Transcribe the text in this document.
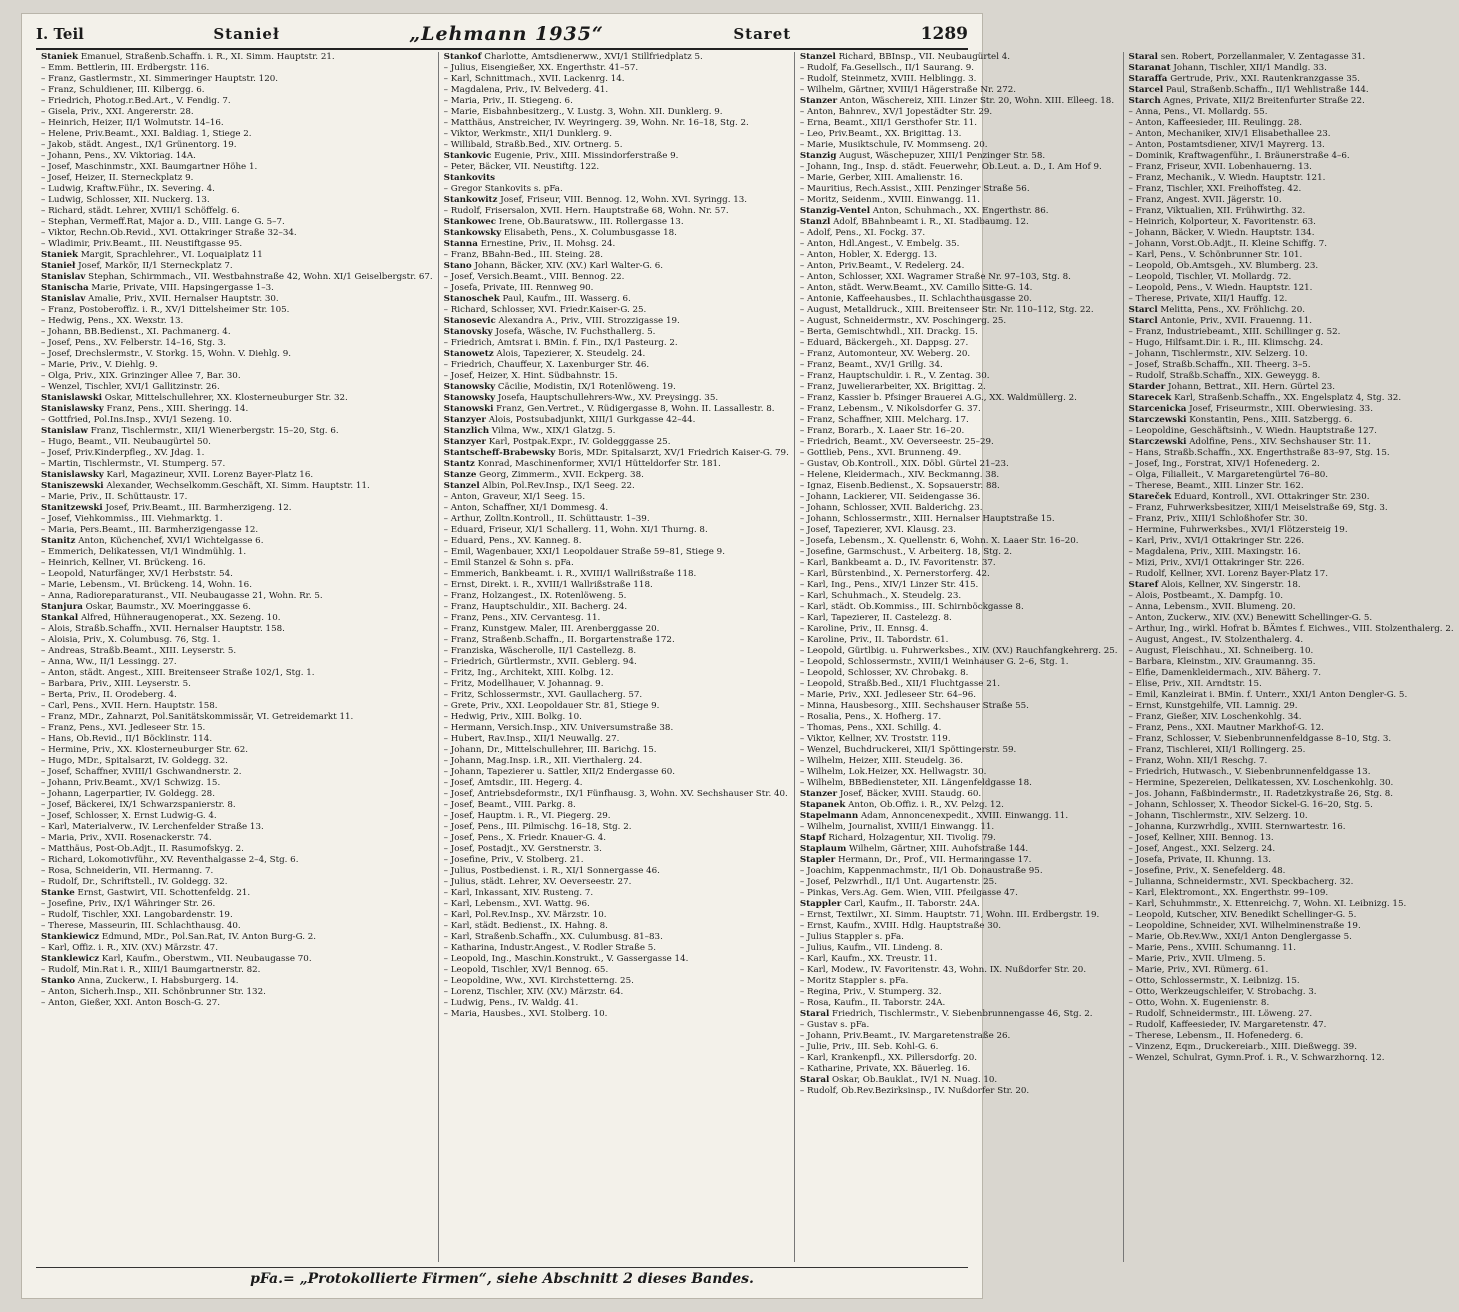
I. Teil	Stanieł	„Lehmann 1935“	Staret	1289
Staniek Emanuel, Straßenb.Schaffn. i. R., XI. Simm. Hauptstr. 21.
– Emm. Bettlerin, III. Erdbergstr. 116.
– Franz, Gastlermstr., XI. Simmeringer Hauptstr. 120.
– Franz, Schuldiener, III. Kilbergg. 6.
– Friedrich, Photog.r.Bed.Art., V. Fendig. 7.
– Gisela, Priv., XXI. Angererstr. 28.
– Heinrich, Heizer, II/1 Wolmutstr. 14–16.
– Helene, Priv.Beamt., XXI. Baldiag. 1, Stiege 2.
– Jakob, städt. Angest., IX/1 Grünentorg. 19.
– Johann, Pens., XV. Viktoriag. 14A.
– Josef, Maschinmstr., XXI. Baumgartner Höhe 1.
– Josef, Heizer, II. Sterneckplatz 9.
– Ludwig, Kraftw.Führ., IX. Severing. 4.
– Ludwig, Schlosser, XII. Nuckerg. 13.
– Richard, städt. Lehrer, XVIII/1 Schöffelg. 6.
– Stephan, Vermeff.Rat, Major a. D., VIII. Lange G. 5–7.
– Viktor, Rechn.Ob.Revid., XVI. Ottakringer Straße 32–34.
– Wladimir, Priv.Beamt., III. Neustiftgasse 95.
Staniek Margit, Sprachlehrer., VI. Loquaiplatz 11
Stanieł Josef, Markör, II/1 Sterneckplatz 7.
Stanislav Stephan, Schirmmach., VII. Westbahnstraße 42, Wohn. XI/1 Geiselbergstr. 67.
Stanischa Marie, Private, VIII. Hapsingergasse 1–3.
Stanislav Amalie, Priv., XVII. Hernalser Hauptstr. 30.
– Franz, Postoberoffiz. i. R., XV/1 Dittelsheimer Str. 105.
– Hedwig, Pens., XX. Wexstr. 13.
– Johann, BB.Bedienst., XI. Pachmanerg. 4.
– Josef, Pens., XV. Felberstr. 14–16, Stg. 3.
– Josef, Drechslermstr., V. Storkg. 15, Wohn. V. Diehlg. 9.
– Marie, Priv., V. Diehlg. 9.
– Olga, Priv., XIX. Grinzinger Allee 7, Bar. 30.
– Wenzel, Tischler, XVI/1 Gallitzinstr. 26.
Stanislawski Oskar, Mittelschullehrer, XX. Klosterneuburger Str. 32.
Stanislawsky Franz, Pens., XIII. Sheringg. 14.
– Gottfried, Pol.Ins.Insp., XVI/1 Sezeng. 10.
Stanislaw Franz, Tischlermstr., XII/1 Wienerbergstr. 15–20, Stg. 6.
– Hugo, Beamt., VII. Neubaugürtel 50.
– Josef, Priv.Kinderpfleg., XV. Jdag. 1.
– Martin, Tischlermstr., VI. Stumperg. 57.
Stanislawsky Karl, Magazineur, XVII. Lorenz Bayer-Platz 16.
Staniszewski Alexander, Wechselkomm.Geschäft, XI. Simm. Hauptstr. 11.
– Marie, Priv., II. Schüttaustr. 17.
Stanitzewski Josef, Priv.Beamt., III. Barmherzigeng. 12.
– Josef, Viehkommiss., III. Viehmarktg. 1.
– Maria, Pers.Beamt., III. Barmherzigengasse 12.
Stanitz Anton, Küchenchef, XVI/1 Wichtelgasse 6.
– Emmerich, Delikatessen, VI/1 Windmühlg. 1.
– Heinrich, Kellner, VI. Brückeng. 16.
– Leopold, Naturfänger, XV/1 Herbststr. 54.
– Marie, Lebensm., VI. Brückeng. 14, Wohn. 16.
– Anna, Radioreparaturanst., VII. Neubaugasse 21, Wohn. Rr. 5.
Stanjura Oskar, Baumstr., XV. Moeringgasse 6.
Stankal Alfred, Hühneraugenoperat., XX. Sezeng. 10.
– Alois, Straßb.Schaffn., XVII. Hernalser Hauptstr. 158.
– Aloisia, Priv., X. Columbusg. 76, Stg. 1.
– Andreas, Straßb.Beamt., XIII. Leyserstr. 5.
– Anna, Ww., II/1 Lessingg. 27.
– Anton, städt. Angest., XIII. Breitenseer Straße 102/1, Stg. 1.
– Barbara, Priv., XIII. Leyserstr. 5.
– Berta, Priv., II. Orodeberg. 4.
– Carl, Pens., XVII. Hern. Hauptstr. 158.
– Franz, MDr., Zahnarzt, Pol.Sanitätskommissär, VI. Getreidemarkt 11.
– Franz, Pens., XVI. Jedleseer Str. 15.
– Hans, Ob.Revid., II/1 Böcklinstr. 114.
– Hermine, Priv., XX. Klosterneuburger Str. 62.
– Hugo, MDr., Spitalsarzt, IV. Goldegg. 32.
– Josef, Schaffner, XVIII/1 Gschwandnerstr. 2.
– Johann, Priv.Beamt., XV/1 Schwizg. 15.
– Johann, Lagerpartier, IV. Goldegg. 28.
– Josef, Bäckerei, IX/1 Schwarzspanierstr. 8.
– Josef, Schlosser, X. Ernst Ludwig-G. 4.
– Karl, Materialverw., IV. Lerchenfelder Straße 13.
– Maria, Priv., XVII. Rosenackerstr. 74.
– Matthäus, Post-Ob.Adjt., II. Rasumofskyg. 2.
– Richard, Lokomotivführ., XV. Reventhalgasse 2–4, Stg. 6.
– Rosa, Schneiderin, VII. Hermanng. 7.
– Rudolf, Dr., Schriftstell., IV. Goldegg. 32.
Stanke Ernst, Gastwirt, VII. Schottenfeldg. 21.
– Josefine, Priv., IX/1 Währinger Str. 26.
– Rudolf, Tischler, XXI. Langobardenstr. 19.
– Therese, Masseurin, III. Schlachthausg. 40.
Stankiewicz Edmund, MDr., Pol.San.Rat, IV. Anton Burg-G. 2.
– Karl, Offiz. i. R., XIV. (XV.) Märzstr. 47.
Stanklewicz Karl, Kaufm., Oberstwm., VII. Neubaugasse 70.
– Rudolf, Min.Rat i. R., XIII/1 Baumgartnerstr. 82.
Stanko Anna, Zuckerw., I. Habsburgerg. 14.
– Anton, Sicherh.Insp., XII. Schönbrunner Str. 132.
– Anton, Gießer, XXI. Anton Bosch-G. 27.
Stankof Charlotte, Amtsdienerww., XVI/1 Stillfriedplatz 5.
– Julius, Eisengießer, XX. Engerthstr. 41–57.
– Karl, Schnittmach., XVII. Lackenrg. 14.
– Magdalena, Priv., IV. Belvederg. 41.
– Maria, Priv., II. Stiegeng. 6.
– Marie, Eisbahnbesitzerg., V. Lustg. 3, Wohn. XII. Dunklerg. 9.
– Matthäus, Anstreicher, IV. Weyringerg. 39, Wohn. Nr. 16–18, Stg. 2.
– Viktor, Werkmstr., XII/1 Dunklerg. 9.
– Willibald, Straßb.Bed., XIV. Ortnerg. 5.
Stankovic Eugenie, Priv., XIII. Missindorferstraße 9.
– Peter, Bäcker, VII. Neustiftg. 122.
Stankovits
– Gregor Stankovits s. pFa.
Stankowitz Josef, Friseur, VIII. Bennog. 12, Wohn. XVI. Syringg. 13.
– Rudolf, Frisersalon, XVII. Hern. Hauptstraße 68, Wohn. Nr. 57.
Stankowec Irene, Ob.Bauratsww., III. Rollergasse 13.
Stankowsky Elisabeth, Pens., X. Columbusgasse 18.
Stanna Ernestine, Priv., II. Mohsg. 24.
– Franz, BBahn-Bed., III. Steing. 28.
Stano Johann, Bäcker, XIV. (XV.) Karl Walter-G. 6.
– Josef, Versich.Beamt., VIII. Bennog. 22.
– Josefa, Private, III. Rennweg 90.
Stanoschek Paul, Kaufm., III. Wasserg. 6.
– Richard, Schlosser, XVI. Friedr.Kaiser-G. 25.
Stanosevic Alexandra A., Priv., VIII. Strozzigasse 19.
Stanovsky Josefa, Wäsche, IV. Fuchsthallerg. 5.
– Friedrich, Amtsrat i. BMin. f. Fin., IX/1 Pasteurg. 2.
Stanowetz Alois, Tapezierer, X. Steudelg. 24.
– Friedrich, Chauffeur, X. Laxenburger Str. 46.
– Josef, Heizer, X. Hint. Südbahnstr. 15.
Stanowsky Cäcilie, Modistin, IX/1 Rotenlöweng. 19.
Stanowsky Josefa, Hauptschullehrers-Ww., XV. Preysingg. 35.
Stanowski Franz, Gen.Vertret., V. Rüdigergasse 8, Wohn. II. Lassallestr. 8.
Stanzyer Alois, Postsubadjunkt, XIII/1 Gurkgasse 42–44.
Stanzlich Vilma, Ww., XIX/1 Glatzg. 5.
Stanzyer Karl, Postpak.Expr., IV. Goldegggasse 25.
Stantscheff-Brabewsky Boris, MDr. Spitalsarzt, XV/1 Friedrich Kaiser-G. 79.
Stantz Konrad, Maschinenformer, XVI/1 Hütteldorfer Str. 181.
Stanze Georg, Zimmerm., XVII. Eckperg. 38.
Stanzel Albin, Pol.Rev.Insp., IX/1 Seeg. 22.
– Anton, Graveur, XI/1 Seeg. 15.
– Anton, Schaffner, XI/1 Dommesg. 4.
– Arthur, Zolltn.Kontroll., II. Schüttaustr. 1–39.
– Eduard, Friseur, XI/1 Schallerg. 11, Wohn. XI/1 Thurng. 8.
– Eduard, Pens., XV. Kanneg. 8.
– Emil, Wagenbauer, XXI/1 Leopoldauer Straße 59–81, Stiege 9.
– Emil Stanzel & Sohn s. pFa.
– Emmerich, Bankbeamt. i. R., XVIII/1 Wallrißstraße 118.
– Ernst, Direkt. i. R., XVIII/1 Wallrißstraße 118.
– Franz, Holzangest., IX. Rotenlöweng. 5.
– Franz, Hauptschuldir., XII. Bacherg. 24.
– Franz, Pens., XIV. Cervantesg. 11.
– Franz, Kunstgew. Maler, III. Arenberggasse 20.
– Franz, Straßenb.Schaffn., II. Borgartenstraße 172.
– Franziska, Wäscherolle, II/1 Castellezg. 8.
– Friedrich, Gürtlermstr., XVII. Geblerg. 94.
– Fritz, Ing., Architekt, XIII. Kolbg. 12.
– Fritz, Modellhauer, V. Johannag. 9.
– Fritz, Schlossermstr., XVI. Gaullacherg. 57.
– Grete, Priv., XXI. Leopoldauer Str. 81, Stiege 9.
– Hedwig, Priv., XIII. Bolkg. 10.
– Hermann, Versich.Insp., XIV. Universumstraße 38.
– Hubert, Rav.Insp., XII/1 Neuwallg. 27.
– Johann, Dr., Mittelschullehrer, III. Barichg. 15.
– Johann, Mag.Insp. i.R., XII. Vierthalerg. 24.
– Johann, Tapezierer u. Sattler, XII/2 Endergasse 60.
– Josef, Amtsdir., III. Hegerg. 4.
– Josef, Antriebsdeformstr., IX/1 Fünfhausg. 3, Wohn. XV. Sechshauser Str. 40.
– Josef, Beamt., VIII. Parkg. 8.
– Josef, Hauptm. i. R., VI. Piegerg. 29.
– Josef, Pens., III. Pilmischg. 16–18, Stg. 2.
– Josef, Pens., X. Friedr. Knauer-G. 4.
– Josef, Postadjt., XV. Gerstnerstr. 3.
– Josefine, Priv., V. Stolberg. 21.
– Julius, Postbedienst. i. R., XI/1 Sonnergasse 46.
– Julius, städt. Lehrer, XV. Oeverseestr. 27.
– Karl, Inkassant, XIV. Rusteng. 7.
– Karl, Lebensm., XVI. Wattg. 96.
– Karl, Pol.Rev.Insp., XV. Märzstr. 10.
– Karl, städt. Bedienst., IX. Hahng. 8.
– Karl, Straßenb.Schaffn., XX. Culumbusg. 81–83.
– Katharina, Industr.Angest., V. Rodler Straße 5.
– Leopold, Ing., Maschin.Konstrukt., V. Gassergasse 14.
– Leopold, Tischler, XV/1 Bennog. 65.
– Leopoldine, Ww., XVI. Kirchstetterng. 25.
– Lorenz, Tischler, XIV. (XV.) Märzstr. 64.
– Ludwig, Pens., IV. Waldg. 41.
– Maria, Hausbes., XVI. Stolberg. 10.
Stanzel Richard, BBInsp., VII. Neubaugürtel 4.
– Rudolf, Fa.Gesellsch., II/1 Saurang. 9.
– Rudolf, Steinmetz, XVIII. Helblingg. 3.
– Wilhelm, Gärtner, XVIII/1 Hägerstraße Nr. 272.
Stanzer Anton, Wäschereiz, XIII. Linzer Str. 20, Wohn. XIII. Elleeg. 18.
– Anton, Bahnrev., XV/1 Jopestädter Str. 29.
– Erna, Beamt., XII/1 Gersthofer Str. 11.
– Leo, Priv.Beamt., XX. Brigittag. 13.
– Marie, Musiktschule, IV. Mommseng. 20.
Stanzig August, Wäschepuzer, XIII/1 Penzinger Str. 58.
– Johann, Ing., Insp. d. städt. Feuerwehr, Ob.Leut. a. D., I. Am Hof 9.
– Marie, Gerber, XIII. Amalienstr. 16.
– Mauritius, Rech.Assist., XIII. Penzinger Straße 56.
– Moritz, Seidenm., XVIII. Einwangg. 11.
Stanzig-Ventel Anton, Schuhmach., XX. Engerthstr. 86.
Stanzl Adolf, BBahnbeamt i. R., XI. Stadbaumg. 12.
– Adolf, Pens., XI. Fockg. 37.
– Anton, Hdl.Angest., V. Embelg. 35.
– Anton, Hobler, X. Edergg. 13.
– Anton, Priv.Beamt., V. Redelerg. 24.
– Anton, Schlosser, XXI. Wagramer Straße Nr. 97–103, Stg. 8.
– Anton, städt. Werw.Beamt., XV. Camillo Sitte-G. 14.
– Antonie, Kaffeehausbes., II. Schlachthausgasse 20.
– August, Metalldruck., XIII. Breitenseer Str. Nr. 110–112, Stg. 22.
– August, Schneidermstr., XV. Poschingerg. 25.
– Berta, Gemischtwhdl., XII. Drackg. 15.
– Eduard, Bäckergeh., XI. Dappsg. 27.
– Franz, Automonteur, XV. Weberg. 20.
– Franz, Beamt., XV/1 Grillg. 34.
– Franz, Hauptschuldir. i. R., V. Zentag. 30.
– Franz, Juwelierarbeiter, XX. Brigittag. 2.
– Franz, Kassier b. Pfsinger Brauerei A.G., XX. Waldmüllerg. 2.
– Franz, Lebensm., V. Nikolsdorfer G. 37.
– Franz, Schaffner, XIII. Melcharg. 17.
– Franz, Borarb., X. Laaer Str. 16–20.
– Friedrich, Beamt., XV. Oeverseestr. 25–29.
– Gottlieb, Pens., XVI. Brunneng. 49.
– Gustav, Ob.Kontroll., XIX. Döbl. Gürtel 21–23.
– Helene, Kleidermach., XIV. Beckmanng. 38.
– Ignaz, Eisenb.Bedienst., X. Sopsauerstr. 88.
– Johann, Lackierer, VII. Seidengasse 36.
– Johann, Schlosser, XVII. Balderichg. 23.
– Johann, Schlossermstr., XIII. Hernalser Hauptstraße 15.
– Josef, Tapezierer, XVI. Klausg. 23.
– Josefa, Lebensm., X. Quellenstr. 6, Wohn. X. Laaer Str. 16–20.
– Josefine, Garmschust., V. Arbeiterg. 18, Stg. 2.
– Karl, Bankbeamt a. D., IV. Favoritenstr. 37.
– Karl, Bürstenbind., X. Pernerstorferg. 42.
– Karl, Ing., Pens., XIV/1 Linzer Str. 415.
– Karl, Schuhmach., X. Steudelg. 23.
– Karl, städt. Ob.Kommiss., III. Schirnböckgasse 8.
– Karl, Tapezierer, II. Castelezg. 8.
– Karoline, Priv., II. Ennsg. 4.
– Karoline, Priv., II. Tabordstr. 61.
– Leopold, Gürtlbig. u. Fuhrwerksbes., XIV. (XV.) Rauchfangkehrerg. 25.
– Leopold, Schlossermstr., XVIII/1 Weinhauser G. 2–6, Stg. 1.
– Leopold, Schlosser, XV. Chrobakg. 8.
– Leopold, Straßb.Bed., XII/1 Fluchtgasse 21.
– Marie, Priv., XXI. Jedleseer Str. 64–96.
– Minna, Hausbesorg., XIII. Sechshauser Straße 55.
– Rosalia, Pens., X. Hofherg. 17.
– Thomas, Pens., XXI. Schillg. 4.
– Viktor, Kellner, XV. Troststr. 119.
– Wenzel, Buchdruckerei, XII/1 Spöttingerstr. 59.
– Wilhelm, Heizer, XIII. Steudelg. 36.
– Wilhelm, Lok.Heizer, XX. Hellwagstr. 30.
– Wilhelm, BBBediensteter, XII. Längenfeldgasse 18.
Stanzer Josef, Bäcker, XVIII. Staudg. 60.
Stapanek Anton, Ob.Offiz. i. R., XV. Pelzg. 12.
Stapelmann Adam, Annoncenexpedit., XVIII. Einwangg. 11.
– Wilhelm, Journalist, XVIII/1 Einwangg. 11.
Stapf Richard, Holzagentur, XII. Tivolig. 79.
Staplaum Wilhelm, Gärtner, XIII. Auhofstraße 144.
Stapler Hermann, Dr., Prof., VII. Hermanngasse 17.
– Joachim, Kappenmachmstr., II/1 Ob. Donaustraße 95.
– Josef, Pelzwrhdl., II/1 Unt. Augartenstr. 25.
– Pinkas, Vers.Ag. Gem. Wien, VIII. Pfeilgasse 47.
Stappler Carl, Kaufm., II. Taborstr. 24A.
– Ernst, Textilwr., XI. Simm. Hauptstr. 71, Wohn. III. Erdbergstr. 19.
– Ernst, Kaufm., XVIII. Hdlg. Hauptstraße 30.
– Julius Stappler s. pFa.
– Julius, Kaufm., VII. Lindeng. 8.
– Karl, Kaufm., XX. Treustr. 11.
– Karl, Modew., IV. Favoritenstr. 43, Wohn. IX. Nußdorfer Str. 20.
– Moritz Stappler s. pFa.
– Regina, Priv., V. Stumperg. 32.
– Rosa, Kaufm., II. Taborstr. 24A.
Staral Friedrich, Tischlermstr., V. Siebenbrunnengasse 46, Stg. 2.
– Gustav s. pFa.
– Johann, Priv.Beamt., IV. Margaretenstraße 26.
– Julie, Priv., III. Seb. Kohl-G. 6.
– Karl, Krankenpfl., XX. Pillersdorfg. 20.
– Katharine, Private, XX. Bäuerleg. 16.
Staral Oskar, Ob.Bauklat., IV/1 N. Nuag. 10.
– Rudolf, Ob.Rev.Bezirksinsp., IV. Nußdorfer Str. 20.
Staral sen. Robert, Porzellanmaler, V. Zentagasse 31.
Staranat Johann, Tischler, XII/1 Mandlg. 33.
Staraffa Gertrude, Priv., XXI. Rautenkranzgasse 35.
Starcel Paul, Straßenb.Schaffn., II/1 Wehlistraße 144.
Starch Agnes, Private, XII/2 Breitenfurter Straße 22.
– Anna, Pens., VI. Mollardg. 55.
– Anton, Kaffeesieder, III. Reulingg. 28.
– Anton, Mechaniker, XIV/1 Elisabethallee 23.
– Anton, Postamtsdiener, XIV/1 Mayrerg. 13.
– Dominik, Kraftwagenführ., I. Bräunerstraße 4–6.
– Franz, Friseur, XVII. Lobenhauerng. 13.
– Franz, Mechanik., V. Wiedn. Hauptstr. 121.
– Franz, Tischler, XXI. Freihoffsteg. 42.
– Franz, Angest. XVII. Jägerstr. 10.
– Franz, Viktualien, XII. Frühwirthg. 32.
– Heinrich, Kolporteur, X. Favoritenstr. 63.
– Johann, Bäcker, V. Wiedn. Hauptstr. 134.
– Johann, Vorst.Ob.Adjt., II. Kleine Schiffg. 7.
– Karl, Pens., V. Schönbrunner Str. 101.
– Leopold, Ob.Amtsgeh., XV. Blumberg. 23.
– Leopold, Tischler, VI. Mollardg. 72.
– Leopold, Pens., V. Wiedn. Hauptstr. 121.
– Therese, Private, XII/1 Hauffg. 12.
Starcl Melitta, Pens., XV. Fröhlichg. 20.
Starcl Antonie, Priv., XVII. Frauenng. 11.
– Franz, Industriebeamt., XIII. Schillinger g. 52.
– Hugo, Hilfsamt.Dir. i. R., III. Klimschg. 24.
– Johann, Tischlermstr., XIV. Selzerg. 10.
– Josef, Straßb.Schaffn., XII. Theerg. 3–5.
– Rudolf, Straßb.Schaffn., XIX. Geweygg. 8.
Starder Johann, Bettrat., XII. Hern. Gürtel 23.
Starecek Karl, Straßenb.Schaffn., XX. Engelsplatz 4, Stg. 32.
Starcenicka Josef, Friseurmstr., XIII. Oberwiesing. 33.
Starczewski Konstantin, Pens., XIII. Satzbergg. 6.
– Leopoldine, Geschäftsinh., V. Wiedn. Hauptstraße 127.
Starczewski Adolfine, Pens., XIV. Sechshauser Str. 11.
– Hans, Straßb.Schaffn., XX. Engerthstraße 83–97, Stg. 15.
– Josef, Ing., Forstrat, XIV/1 Hofenederg. 2.
– Olga, Filialleit., V. Margaretengürtel 76–80.
– Therese, Beamt., XIII. Linzer Str. 162.
Stareček Eduard, Kontroll., XVI. Ottakringer Str. 230.
– Franz, Fuhrwerksbesitzer, XIII/1 Meiselstraße 69, Stg. 3.
– Franz, Priv., XIII/1 Schloßhofer Str. 30.
– Hermine, Fuhrwerksbes., XVI/1 Flötzersteig 19.
– Karl, Priv., XVI/1 Ottakringer Str. 226.
– Magdalena, Priv., XIII. Maxingstr. 16.
– Mizi, Priv., XVI/1 Ottakringer Str. 226.
– Rudolf, Kellner, XVI. Lorenz Bayer-Platz 17.
Staref Alois, Kellner, XV. Singerstr. 18.
– Alois, Postbeamt., X. Dampfg. 10.
– Anna, Lebensm., XVII. Blumeng. 20.
– Anton, Zuckerw., XIV. (XV.) Benewitt Schellinger-G. 5.
– Arthur, Ing., wirkl. Hofrat b. BÄmtes f. Eichwes., VIII. Stolzenthalerg. 2.
– August, Angest., IV. Stolzenthalerg. 4.
– August, Fleischhau., XI. Schneiberg. 10.
– Barbara, Kleinstm., XIV. Graumanng. 35.
– Elfie, Damenkleidermach., XIV. Bäherg. 7.
– Elise, Priv., XII. Arndtstr. 15.
– Emil, Kanzleirat i. BMin. f. Unterr., XXI/1 Anton Dengler-G. 5.
– Ernst, Kunstgehilfe, VII. Lamnig. 29.
– Franz, Gießer, XIV. Loschenkohlg. 34.
– Franz, Pens., XXI. Mautner Markhof-G. 12.
– Franz, Schlosser, V. Siebenbrunnenfeldgasse 8–10, Stg. 3.
– Franz, Tischlerei, XII/1 Rollingerg. 25.
– Franz, Wohn. XII/1 Reschg. 7.
– Friedrich, Hutwasch., V. Siebenbrunnenfeldgasse 13.
– Hermine, Spezereien, Delikatessen, XV. Loschenkohlg. 30.
– Jos. Johann, Faßbindermstr., II. Radetzkystraße 26, Stg. 8.
– Johann, Schlosser, X. Theodor Sickel-G. 16–20, Stg. 5.
– Johann, Tischlermstr., XIV. Selzerg. 10.
– Johanna, Kurzwrhdlg., XVIII. Sternwartestr. 16.
– Josef, Kellner, XIII. Bennog. 13.
– Josef, Angest., XXI. Selzerg. 24.
– Josefa, Private, II. Khunng. 13.
– Josefine, Priv., X. Senefelderg. 48.
– Julianna, Schneidermstr., XVI. Speckbacherg. 32.
– Karl, Elektromont., XX. Engerthstr. 99–109.
– Karl, Schuhmmstr., X. Ettenreichg. 7, Wohn. XI. Leibnizg. 15.
– Leopold, Kutscher, XIV. Benedikt Schellinger-G. 5.
– Leopoldine, Schneider, XVI. Wilhelminenstraße 19.
– Marie, Ob.Rev.Ww., XXI/1 Anton Denglergasse 5.
– Marie, Pens., XVIII. Schumanng. 11.
– Marie, Priv., XVII. Ulmeng. 5.
– Marie, Priv., XVI. Rümerg. 61.
– Otto, Schlossermstr., X. Leibnizg. 15.
– Otto, Werkzeugschleifer, V. Strobachg. 3.
– Otto, Wohn. X. Eugenienstr. 8.
– Rudolf, Schneidermstr., III. Löweng. 27.
– Rudolf, Kaffeesieder, IV. Margaretenstr. 47.
– Therese, Lebensm., II. Hofenederg. 6.
– Vinzenz, Eqm., Druckereiarb., XIII. Dießwegg. 39.
– Wenzel, Schulrat, Gymn.Prof. i. R., V. Schwarzhornq. 12.
pFa.= „Protokollierte Firmen“, siehe Abschnitt 2 dieses Bandes.
